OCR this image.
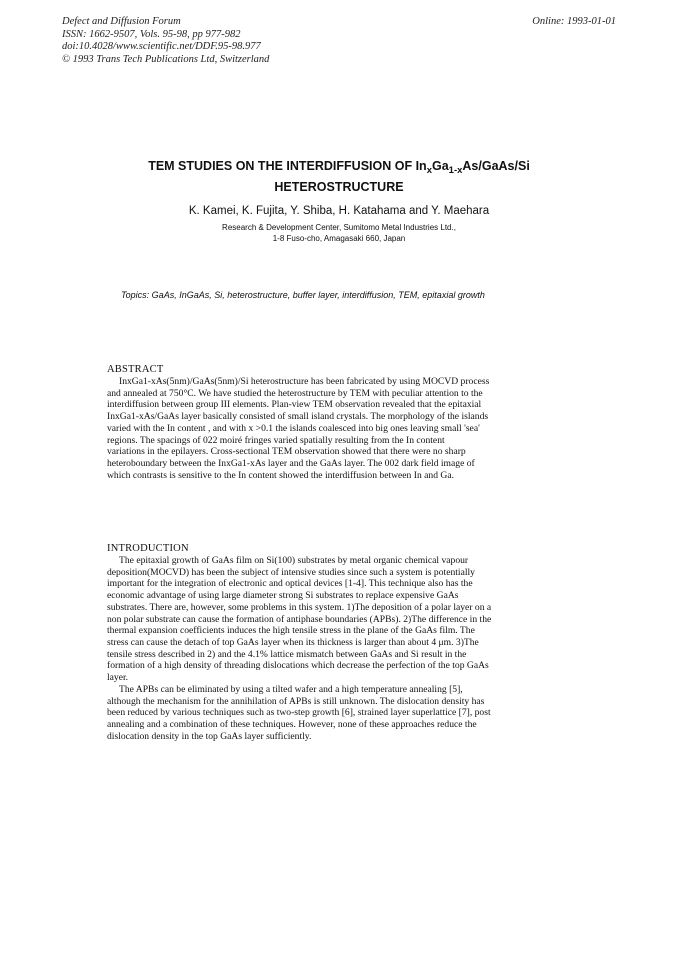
Defect and Diffusion Forum
ISSN: 1662-9507, Vols. 95-98, pp 977-982
doi:10.4028/www.scientific.net/DDF.95-98.977
© 1993 Trans Tech Publications Ltd, Switzerland
Online: 1993-01-01
TEM STUDIES ON THE INTERDIFFUSION OF $In_xGa_{1-x}As/GaAs/Si$
HETEROSTRUCTURE
K. Kamei, K. Fujita, Y. Shiba, H. Katahama and Y. Maehara
Research & Development Center, Sumitomo Metal Industries Ltd.,
1-8 Fuso-cho, Amagasaki 660, Japan
Topics: GaAs, InGaAs, Si, heterostructure, buffer layer, interdiffusion, TEM, epitaxial growth
ABSTRACT
InxGa1-xAs(5nm)/GaAs(5nm)/Si heterostructure has been fabricated by using MOCVD process
and annealed at 750°C. We have studied the heterostructure by TEM with peculiar attention to the
interdiffusion between group III elements. Plan-view TEM observation revealed that the epitaxial
InxGa1-xAs/GaAs layer basically consisted of small island crystals. The morphology of the islands
varied with the In content , and with x >0.1 the islands coalesced into big ones leaving small 'sea'
regions. The spacings of 022 moiré fringes varied spatially resulting from the In content
variations in the epilayers. Cross-sectional TEM observation showed that there were no sharp
heteroboundary between the InxGa1-xAs layer and the GaAs layer. The 002 dark field image of
which contrasts is sensitive to the In content showed the interdiffusion between In and Ga.
INTRODUCTION
The epitaxial growth of GaAs film on Si(100) substrates by metal organic chemical vapour
deposition(MOCVD) has been the subject of intensive studies since such a system is potentially
important for the integration of electronic and optical devices [1-4]. This technique also has the
economic advantage of using large diameter strong Si substrates to replace expensive GaAs
substrates. There are, however, some problems in this system. 1)The deposition of a polar layer on a
non polar substrate can cause the formation of antiphase boundaries (APBs). 2)The difference in the
thermal expansion coefficients induces the high tensile stress in the plane of the GaAs film. The
stress can cause the detach of top GaAs layer when its thickness is larger than about 4 μm. 3)The
tensile stress described in 2) and the 4.1% lattice mismatch between GaAs and Si result in the
formation of a high density of threading dislocations which decrease the perfection of the top GaAs
layer.
The APBs can be eliminated by using a tilted wafer and a high temperature annealing [5],
although the mechanism for the annihilation of APBs is still unknown. The dislocation density has
been reduced by various techniques such as two-step growth [6], strained layer superlattice [7], post
annealing and a combination of these techniques. However, none of these approaches reduce the
dislocation density in the top GaAs layer sufficiently.
